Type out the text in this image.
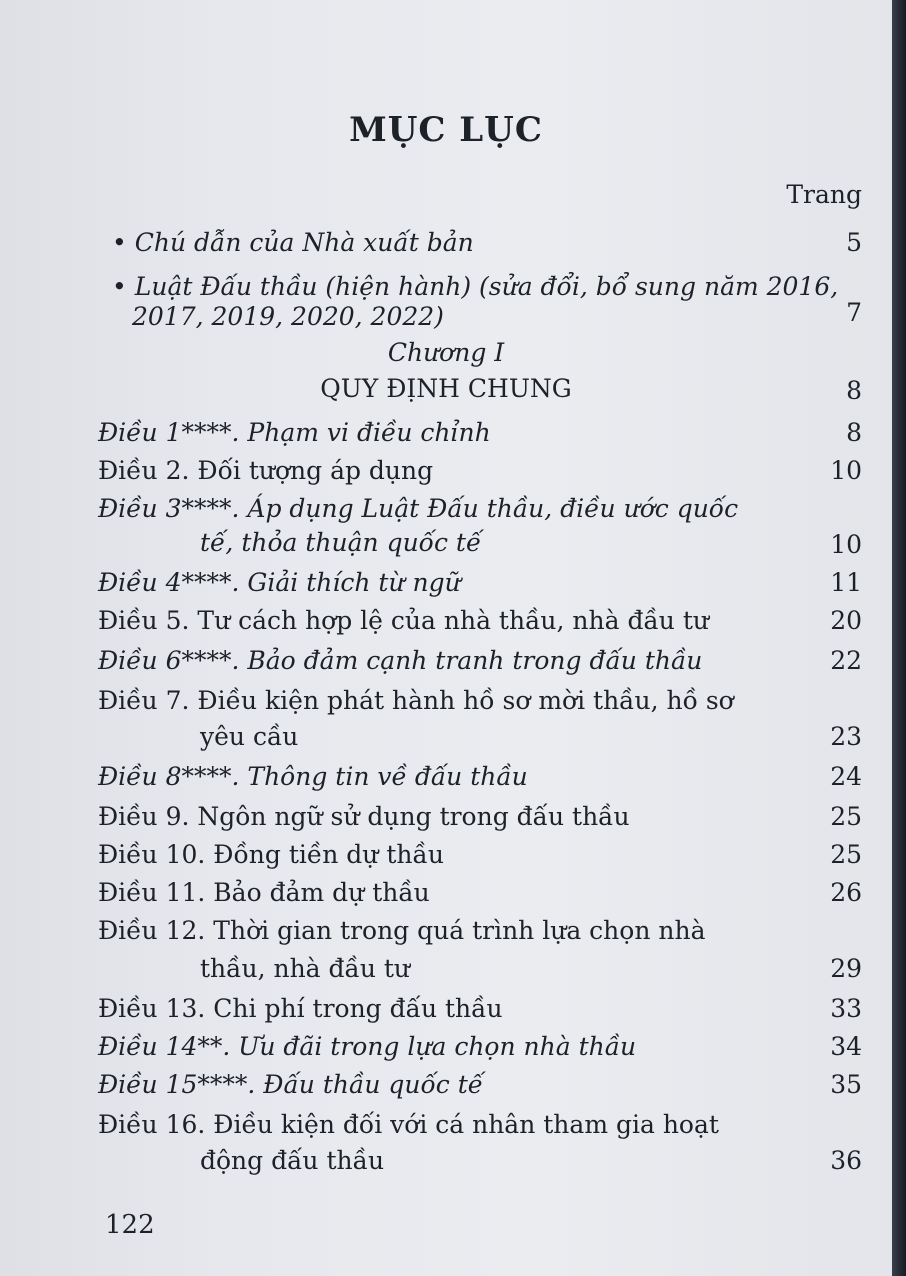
MỤC LỤC
Trang
• Chú dẫn của Nhà xuất bản	5
• Luật Đấu thầu (hiện hành) (sửa đổi, bổ sung năm 2016,
2017, 2019, 2020, 2022)	7
Chương I
QUY ĐỊNH CHUNG	8
Điều 1****. Phạm vi điều chỉnh	8
Điều 2. Đối tượng áp dụng	10
Điều 3****. Áp dụng Luật Đấu thầu, điều ước quốc
tế, thỏa thuận quốc tế	10
Điều 4****. Giải thích từ ngữ	11
Điều 5. Tư cách hợp lệ của nhà thầu, nhà đầu tư	20
Điều 6****. Bảo đảm cạnh tranh trong đấu thầu	22
Điều 7. Điều kiện phát hành hồ sơ mời thầu, hồ sơ
yêu cầu	23
Điều 8****. Thông tin về đấu thầu	24
Điều 9. Ngôn ngữ sử dụng trong đấu thầu	25
Điều 10. Đồng tiền dự thầu	25
Điều 11. Bảo đảm dự thầu	26
Điều 12. Thời gian trong quá trình lựa chọn nhà
thầu, nhà đầu tư	29
Điều 13. Chi phí trong đấu thầu	33
Điều 14**. Ưu đãi trong lựa chọn nhà thầu	34
Điều 15****. Đấu thầu quốc tế	35
Điều 16. Điều kiện đối với cá nhân tham gia hoạt
động đấu thầu	36
122
